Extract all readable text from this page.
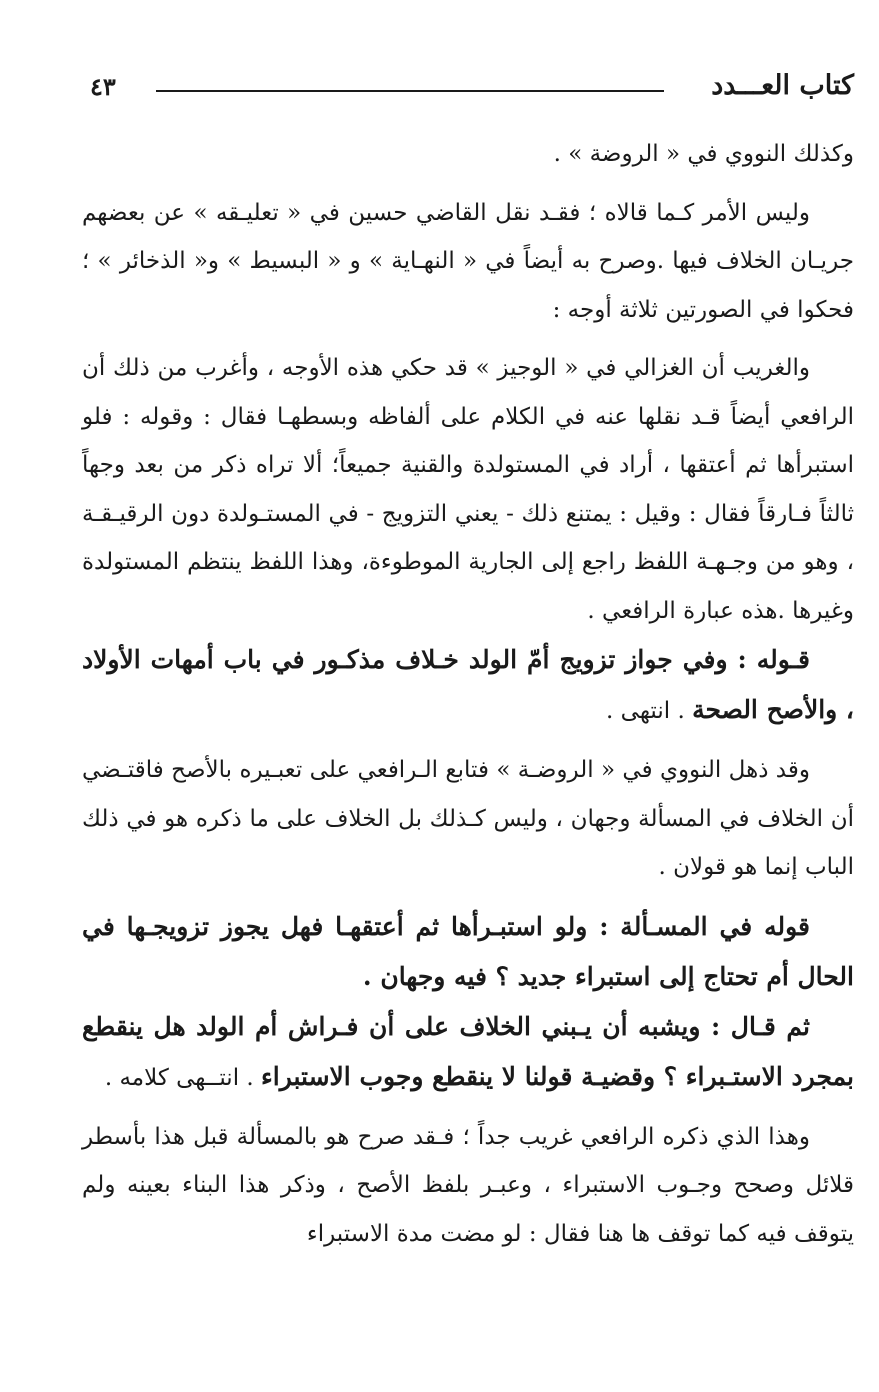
كتاب العـــدد
٤٣

وكذلك النووي في « الروضة » .

وليس الأمر كـما قالاه ؛ فقـد نقل القاضي حسين في « تعليـقه » عن بعضهم جريـان الخلاف فيها .وصرح به أيضاً في « النهـاية » و « البسيط » و« الذخائر » ؛ فحكوا في الصورتين ثلاثة أوجه :

والغريب أن الغزالي في « الوجيز » قد حكي هذه الأوجه ، وأغرب من ذلك أن الرافعي أيضاً قـد نقلها عنه في الكلام على ألفاظه وبسطهـا فقال : وقوله : فلو استبرأها ثم أعتقها ، أراد في المستولدة والقنية جميعاً؛ ألا تراه ذكر من بعد وجهاً ثالثاً فـارقاً فقال : وقيل : يمتنع ذلك - يعني التزويج - في المستـولدة دون الرقيـقـة ، وهو من وجـهـة اللفظ راجع إلى الجارية الموطوءة، وهذا اللفظ ينتظم المستولدة وغيرها .هذه عبارة الرافعي .

قـوله : وفي جواز تزويج أمّ الولد خـلاف مذكـور في باب أمهات الأولاد ، والأصح الصحة . انتهى .

وقد ذهل النووي في « الروضـة » فتابع الـرافعي على تعبـيره بالأصح فاقتـضي أن الخلاف في المسألة وجهان ، وليس كـذلك بل الخلاف على ما ذكره هو في ذلك الباب إنما هو قولان .

قوله في المسـألة : ولو استبـرأها ثم أعتقهـا فهل يجوز تزويجـها في الحال أم تحتاج إلى استبراء جديد ؟ فيه وجهان .

ثم قـال : ويشبه أن يـبني الخلاف على أن فـراش أم الولد هل ينقطع بمجرد الاستـبراء ؟ وقضيـة قولنا لا ينقطع وجوب الاستبراء . انتــهى كلامه .

وهذا الذي ذكره الرافعي غريب جداً ؛ فـقد صرح هو بالمسألة قبل هذا بأسطر قلائل وصحح وجـوب الاستبراء ، وعبـر بلفظ الأصح ، وذكر هذا البناء بعينه ولم يتوقف فيه كما توقف ها هنا فقال : لو مضت مدة الاستبراء
